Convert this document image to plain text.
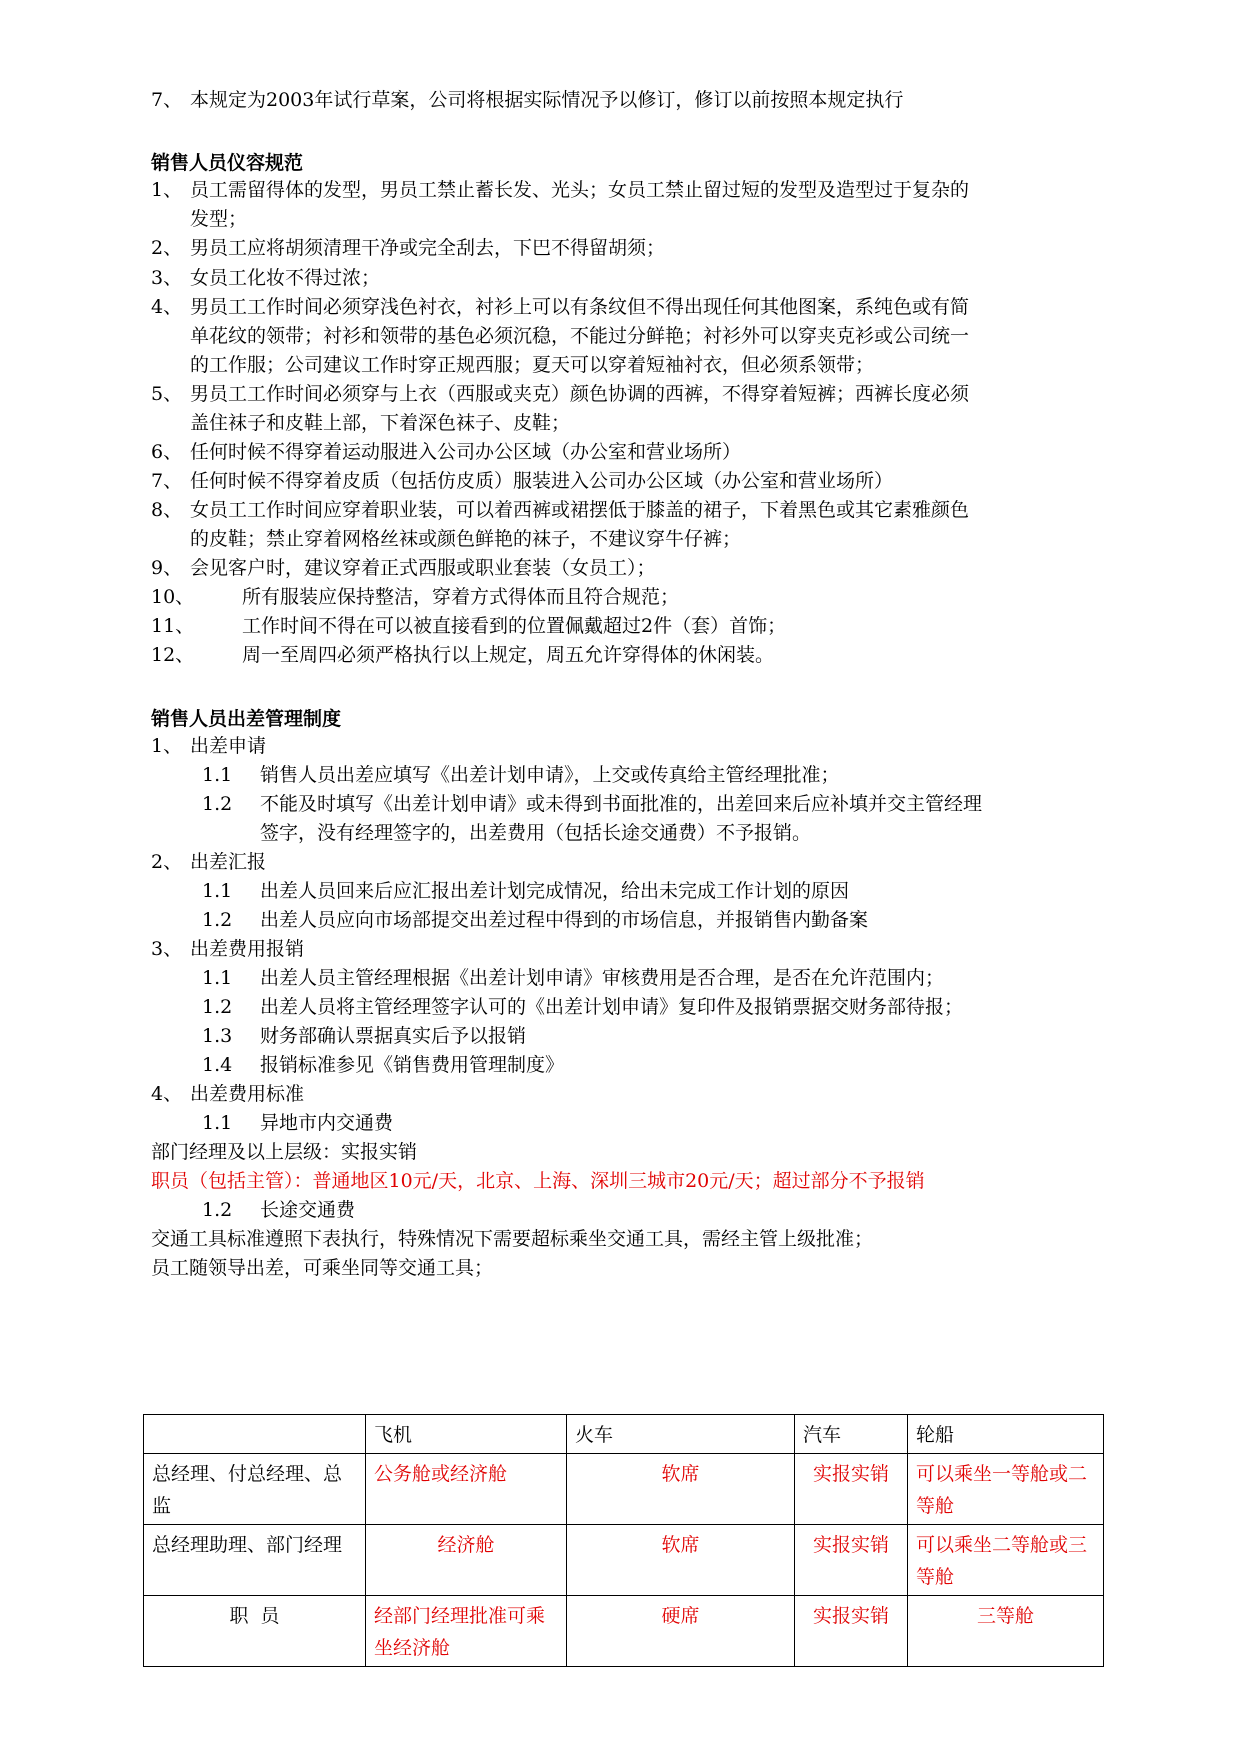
7、 本规定为2003年试行草案，公司将根据实际情况予以修订，修订以前按照本规定执行
销售人员仪容规范
1、 员工需留得体的发型，男员工禁止蓄长发、光头；女员工禁止留过短的发型及造型过于复杂的
发型；
2、 男员工应将胡须清理干净或完全刮去，下巴不得留胡须；
3、 女员工化妆不得过浓；
4、 男员工工作时间必须穿浅色衬衣，衬衫上可以有条纹但不得出现任何其他图案，系纯色或有简
单花纹的领带；衬衫和领带的基色必须沉稳，不能过分鲜艳；衬衫外可以穿夹克衫或公司统一
的工作服；公司建议工作时穿正规西服；夏天可以穿着短袖衬衣，但必须系领带；
5、 男员工工作时间必须穿与上衣（西服或夹克）颜色协调的西裤，不得穿着短裤；西裤长度必须
盖住袜子和皮鞋上部，下着深色袜子、皮鞋；
6、 任何时候不得穿着运动服进入公司办公区域（办公室和营业场所）
7、 任何时候不得穿着皮质（包括仿皮质）服装进入公司办公区域（办公室和营业场所）
8、 女员工工作时间应穿着职业装，可以着西裤或裙摆低于膝盖的裙子，下着黑色或其它素雅颜色
的皮鞋；禁止穿着网格丝袜或颜色鲜艳的袜子，不建议穿牛仔裤；
9、 会见客户时，建议穿着正式西服或职业套装（女员工）；
10、	所有服装应保持整洁，穿着方式得体而且符合规范；
11、	工作时间不得在可以被直接看到的位置佩戴超过2件（套）首饰；
12、	周一至周四必须严格执行以上规定，周五允许穿得体的休闲装。
销售人员出差管理制度
1、 出差申请
1.1 销售人员出差应填写《出差计划申请》，上交或传真给主管经理批准；
1.2 不能及时填写《出差计划申请》或未得到书面批准的，出差回来后应补填并交主管经理
签字，没有经理签字的，出差费用（包括长途交通费）不予报销。
2、 出差汇报
1.1 出差人员回来后应汇报出差计划完成情况，给出未完成工作计划的原因
1.2 出差人员应向市场部提交出差过程中得到的市场信息，并报销售内勤备案
3、 出差费用报销
1.1 出差人员主管经理根据《出差计划申请》审核费用是否合理，是否在允许范围内；
1.2 出差人员将主管经理签字认可的《出差计划申请》复印件及报销票据交财务部待报；
1.3 财务部确认票据真实后予以报销
1.4 报销标准参见《销售费用管理制度》
4、 出差费用标准
1.1 异地市内交通费
部门经理及以上层级：实报实销
职员（包括主管）：普通地区10元/天，北京、上海、深圳三城市20元/天；超过部分不予报销
1.2 长途交通费
交通工具标准遵照下表执行，特殊情况下需要超标乘坐交通工具，需经主管上级批准；
员工随领导出差，可乘坐同等交通工具；
	飞机	火车	汽车	轮船
总经理、付总经理、总监	公务舱或经济舱	软席	实报实销	可以乘坐一等舱或二等舱
总经理助理、部门经理	经济舱	软席	实报实销	可以乘坐二等舱或三等舱
职  员	经部门经理批准可乘坐经济舱	硬席	实报实销	三等舱
